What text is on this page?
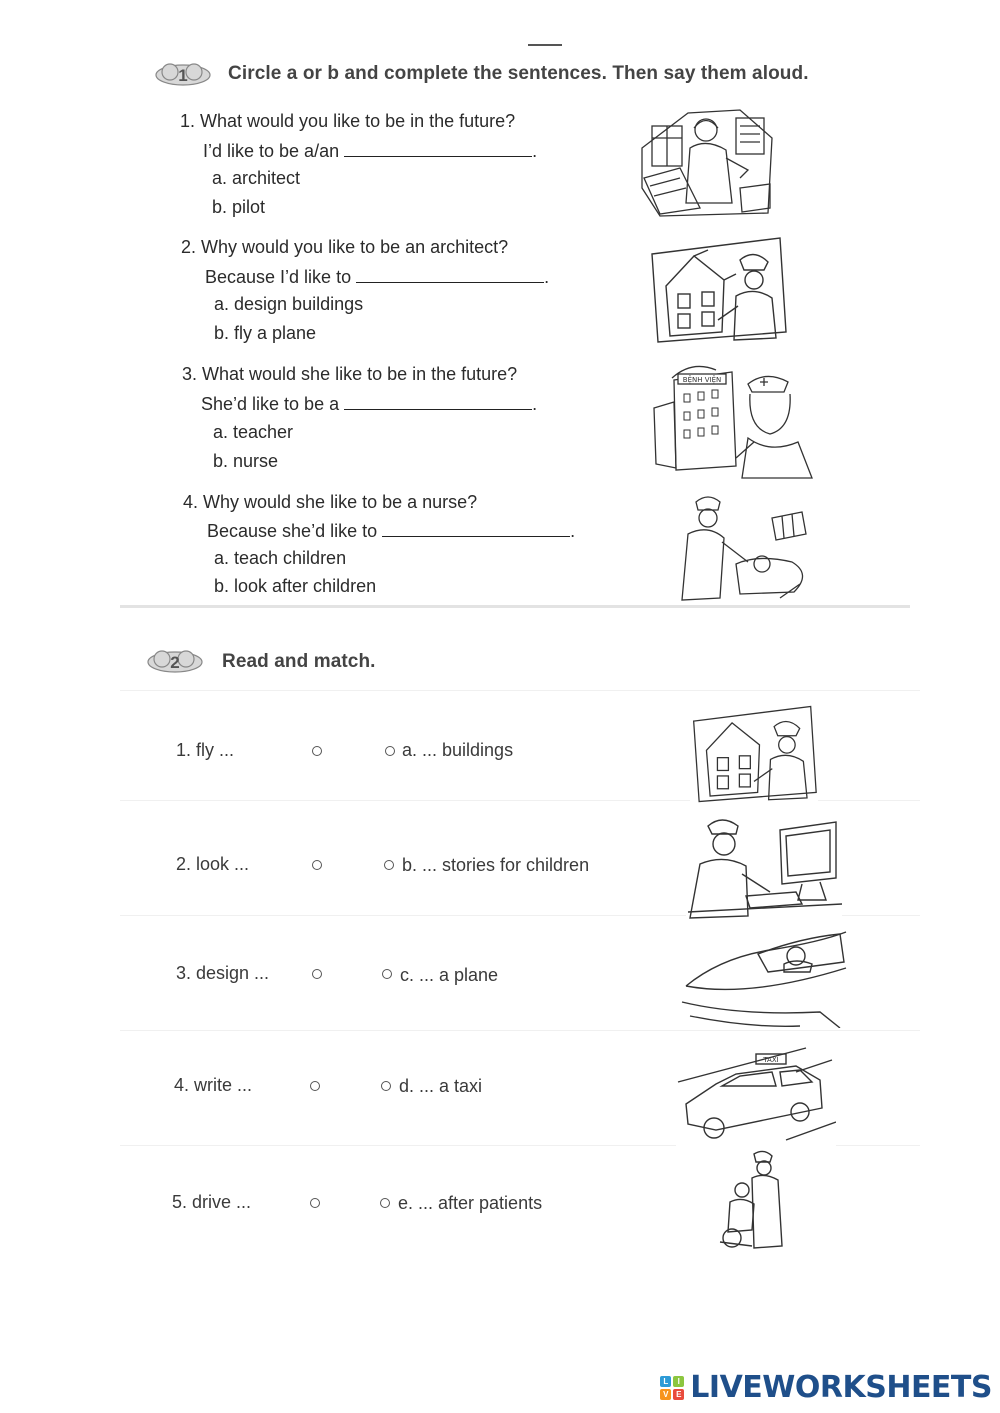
1 Circle a or b and complete the sentences. Then say them aloud.
1. What would you like to be in the future?
I’d like to be a/an	.
a. architect
b. pilot
2. Why would you like to be an architect?
Because I’d like to	.
a. design buildings
b. fly a plane
3. What would she like to be in the future?
She’d like to be a	.
a. teacher
b. nurse
BỆNH VIỆN
4. Why would she like to be a nurse?
Because she’d like to	.
a. teach children
b. look after children
2 Read and match.
1. fly ...	a. ... buildings
2. look ...	b. ... stories for children
3. design ...	c. ... a plane
4. write ...	d. ... a taxi
5. drive ...	e. ... after patients
TAXI
L	I
V E LIVEWORKSHEETS
